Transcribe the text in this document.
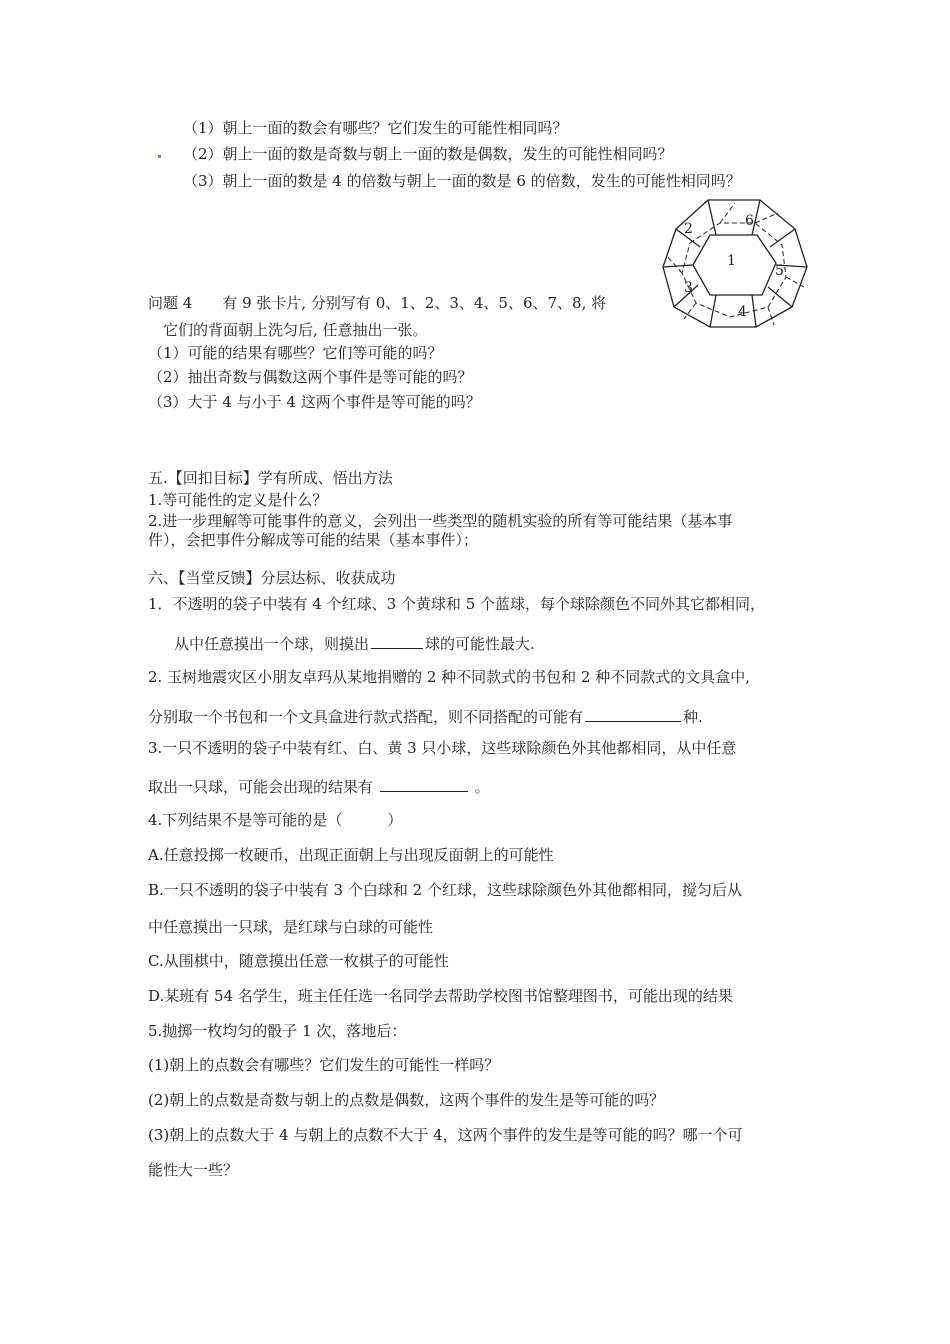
（1）朝上一面的数会有哪些？它们发生的可能性相同吗？
（2）朝上一面的数是奇数与朝上一面的数是偶数，发生的可能性相同吗？
（3）朝上一面的数是 4 的倍数与朝上一面的数是 6 的倍数，发生的可能性相同吗？
1
2
3
4
5
6
问题 4　　有 9 张卡片, 分别写有 0、1、2、3、4、5、6、7、8, 将
它们的背面朝上洗匀后, 任意抽出一张。
（1）可能的结果有哪些？它们等可能的吗？
（2）抽出奇数与偶数这两个事件是等可能的吗？
（3）大于 4 与小于 4 这两个事件是等可能的吗？
五.【回扣目标】学有所成、悟出方法
1.等可能性的定义是什么？
2.进一步理解等可能事件的意义，会列出一些类型的随机实验的所有等可能结果（基本事
件），会把事件分解成等可能的结果（基本事件）；
六、【当堂反馈】分层达标、收获成功
1．不透明的袋子中装有 4 个红球、3 个黄球和 5 个蓝球，每个球除颜色不同外其它都相同，
从中任意摸出一个球，则摸出	球的可能性最大.
2. 玉树地震灾区小朋友卓玛从某地捐赠的 2 种不同款式的书包和 2 种不同款式的文具盒中,
分别取一个书包和一个文具盒进行款式搭配，则不同搭配的可能有	种.
3.一只不透明的袋子中装有红、白、黄 3 只小球，这些球除颜色外其他都相同，从中任意
取出一只球，可能会出现的结果有	。
4.下列结果不是等可能的是（　　　）
A.任意投掷一枚硬币，出现正面朝上与出现反面朝上的可能性
B.一只不透明的袋子中装有 3 个白球和 2 个红球，这些球除颜色外其他都相同，搅匀后从
中任意摸出一只球，是红球与白球的可能性
C.从围棋中，随意摸出任意一枚棋子的可能性
D.某班有 54 名学生，班主任任选一名同学去帮助学校图书馆整理图书，可能出现的结果
5.抛掷一枚均匀的骰子 1 次，落地后：
(1)朝上的点数会有哪些？它们发生的可能性一样吗？
(2)朝上的点数是奇数与朝上的点数是偶数，这两个事件的发生是等可能的吗？
(3)朝上的点数大于 4 与朝上的点数不大于 4，这两个事件的发生是等可能的吗？哪一个可
能性大一些？
